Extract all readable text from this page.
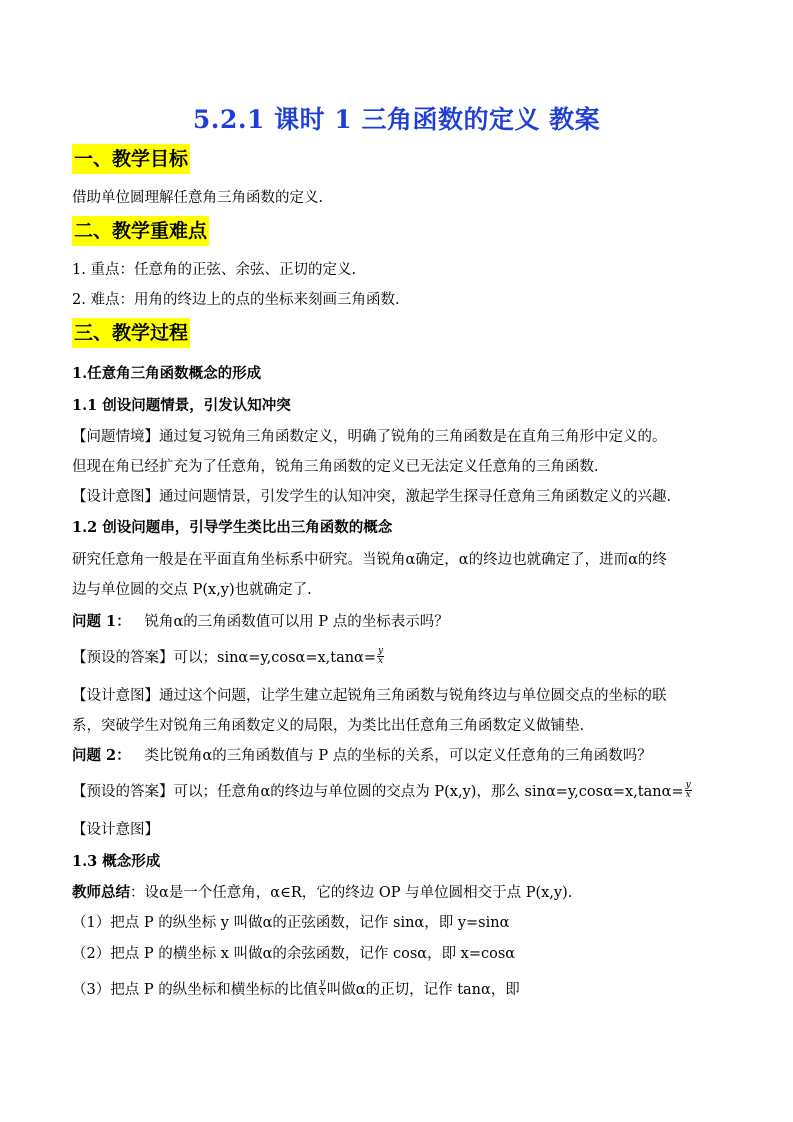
5.2.1 课时 1 三角函数的定义 教案
一、教学目标
借助单位圆理解任意角三角函数的定义.
二、教学重难点
1. 重点：任意角的正弦、余弦、正切的定义.
2. 难点：用角的终边上的点的坐标来刻画三角函数.
三、教学过程
1.任意角三角函数概念的形成
1.1 创设问题情景，引发认知冲突
【问题情境】通过复习锐角三角函数定义，明确了锐角的三角函数是在直角三角形中定义的。
但现在角已经扩充为了任意角，锐角三角函数的定义已无法定义任意角的三角函数.
【设计意图】通过问题情景，引发学生的认知冲突，激起学生探寻任意角三角函数定义的兴趣.
1.2 创设问题串，引导学生类比出三角函数的概念
研究任意角一般是在平面直角坐标系中研究。当锐角α确定，α的终边也就确定了，进而α的终
边与单位圆的交点 P(x,y)也就确定了.
问题 1： 锐角α的三角函数值可以用 P 点的坐标表示吗？
【预设的答案】可以；$\sin\alpha=y,\cos\alpha=x,\tan\alpha= \frac{y}{x}$
【设计意图】通过这个问题，让学生建立起锐角三角函数与锐角终边与单位圆交点的坐标的联
系，突破学生对锐角三角函数定义的局限，为类比出任意角三角函数定义做铺垫.
问题 2： 类比锐角α的三角函数值与 P 点的坐标的关系，可以定义任意角的三角函数吗？
【预设的答案】可以；任意角α的终边与单位圆的交点为 P(x,y)，那么 $\sin\alpha=y,\cos\alpha=x,\tan\alpha= \frac{y}{x}$
【设计意图】
1.3 概念形成
教师总结：设α是一个任意角，α∈R，它的终边 OP 与单位圆相交于点 P(x,y).
（1）把点 P 的纵坐标 y 叫做α的正弦函数，记作 sinα，即 y=sinα
（2）把点 P 的横坐标 x 叫做α的余弦函数，记作 cosα，即 x=cosα
（3）把点 P 的纵坐标和横坐标的比值 $\frac{y}{x}$ 叫做α的正切，记作 tanα，即
